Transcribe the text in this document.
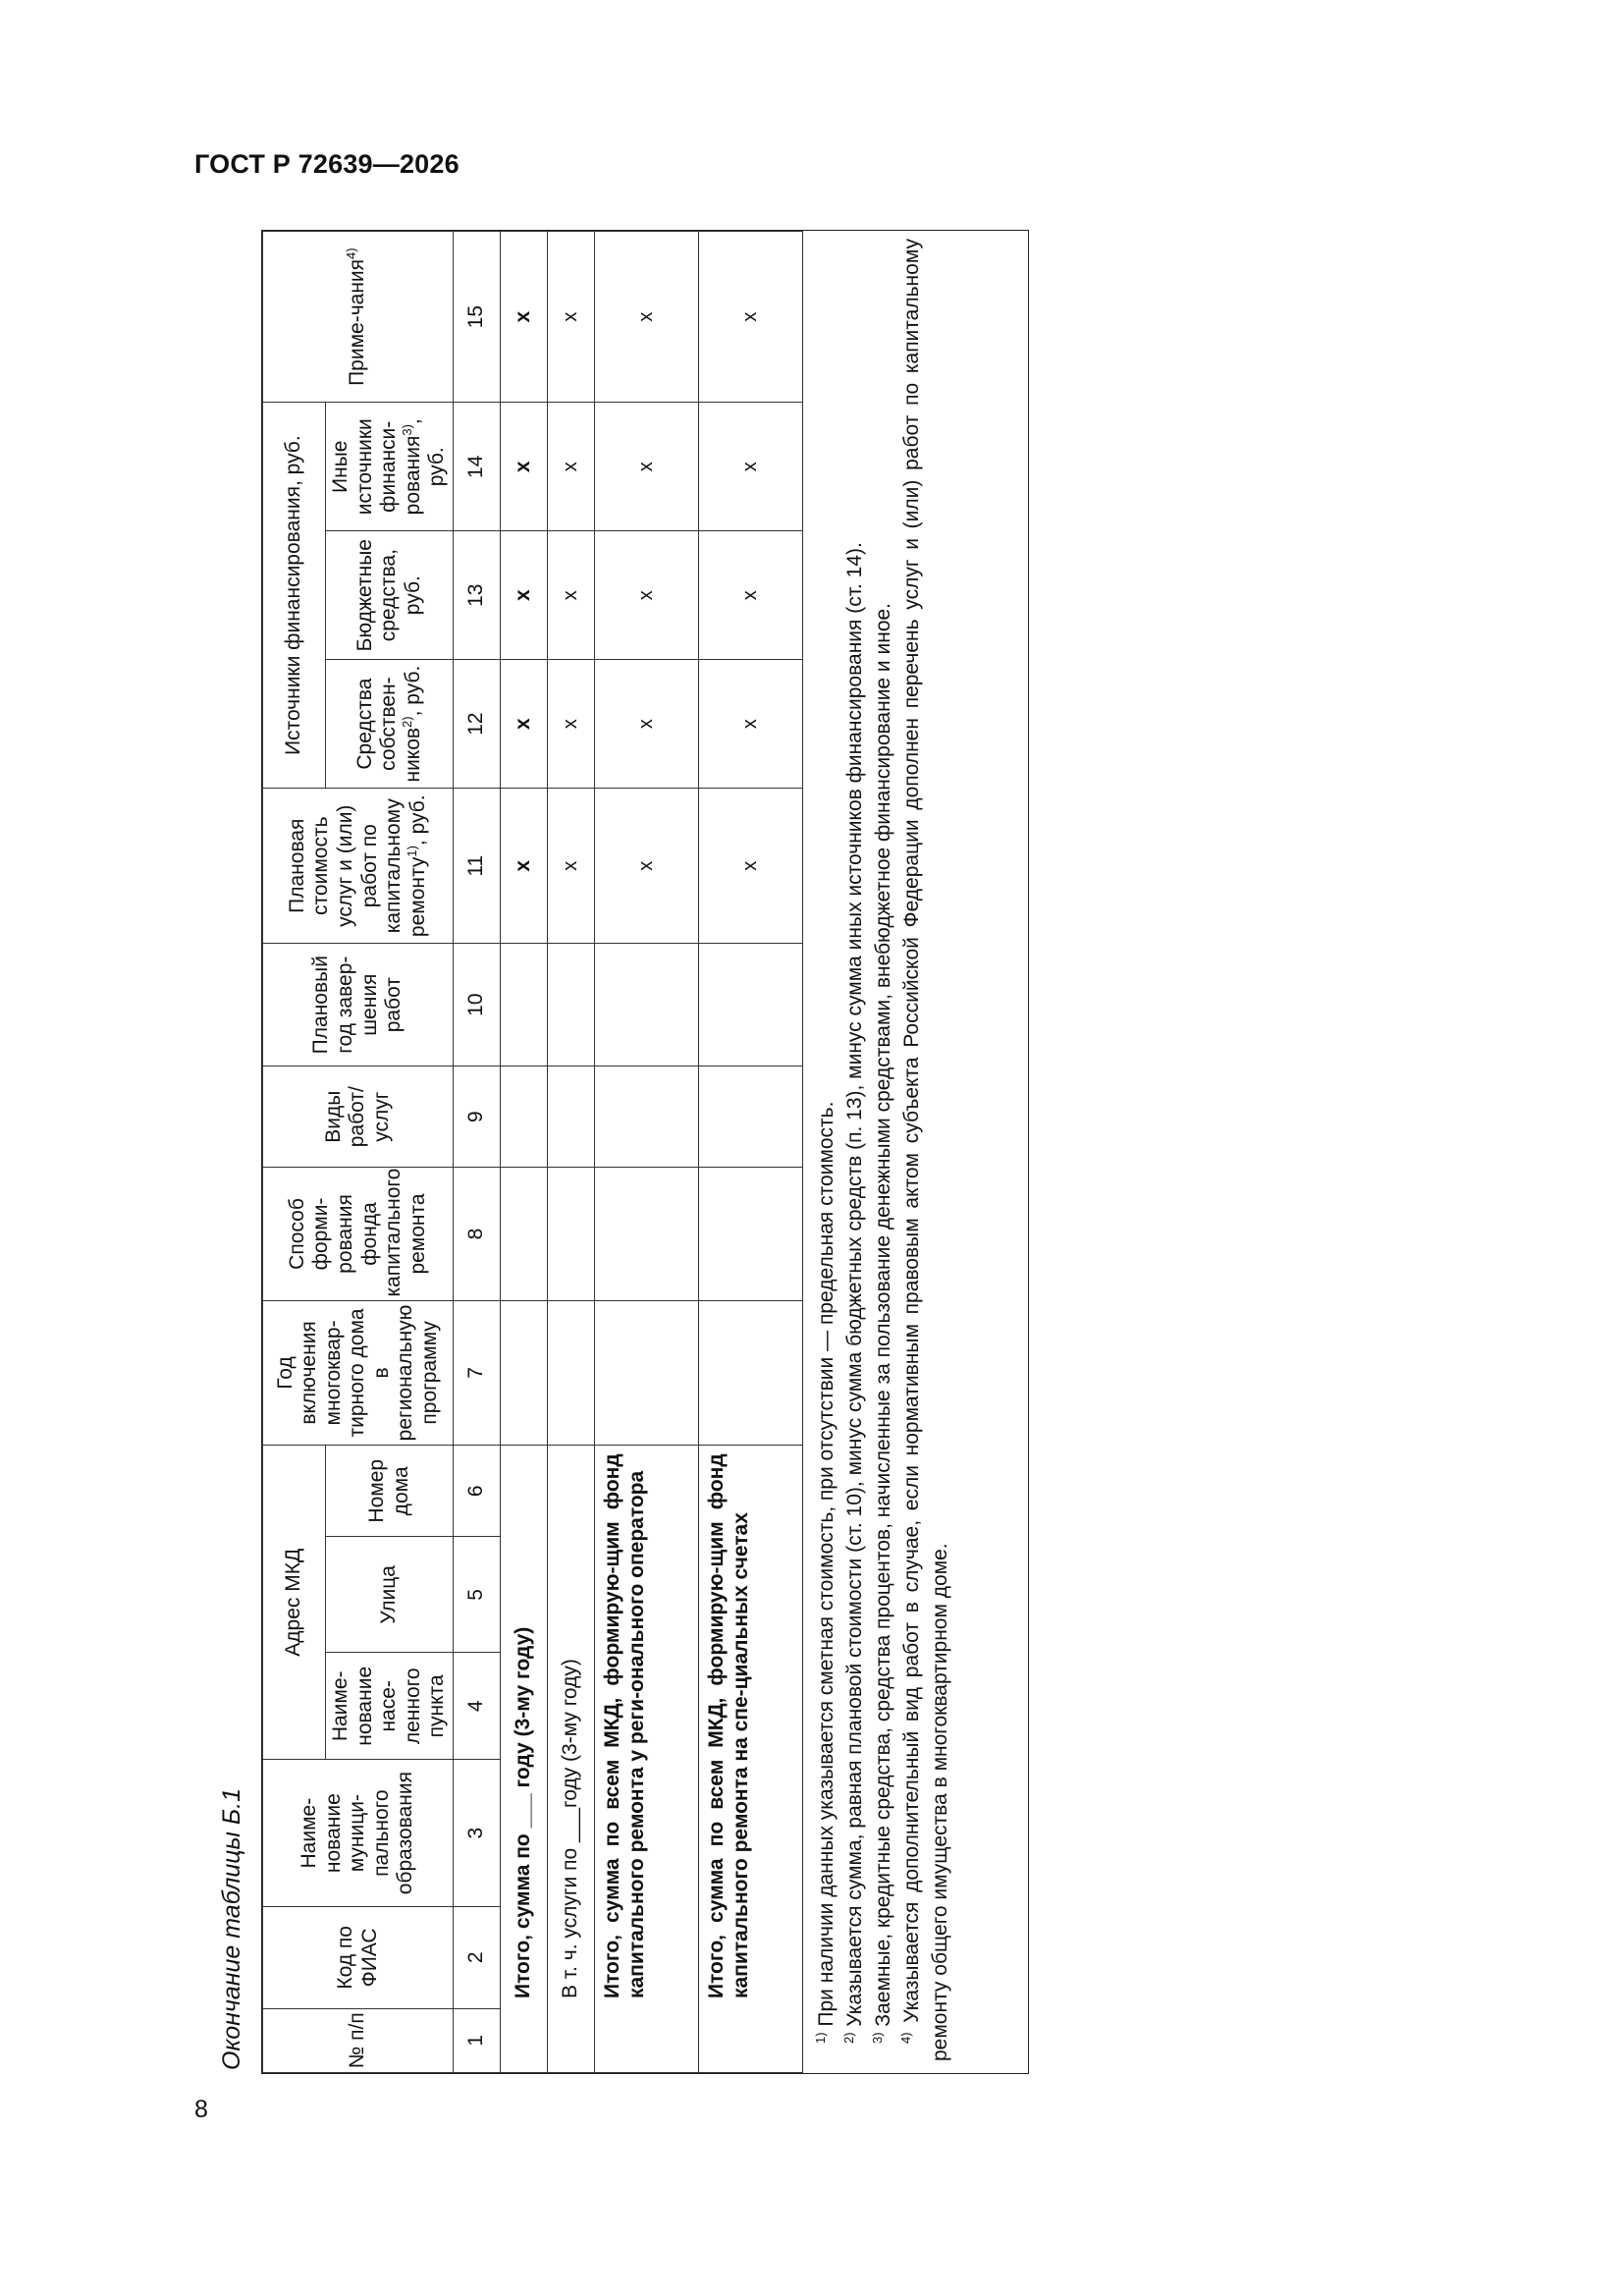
ГОСТ Р 72639—2026
8
Окончание таблицы Б.1	№ п/п	Код по ФИАС	Наиме-нование муници-пального образования	Адрес МКД			Год включения многоквар-тирного дома в региональную программу	Способ форми-рования фонда капитального ремонта	Виды работ/ услуг	Плановый год завер-шения работ	Плановая стоимость услуг и (или) работ по капитальному ремонту$^{1)}$, руб.	Источники финансирования, руб.			Приме-чания$^{4)}$
			Наиме-нование насе-ленного пункта	Улица	Номер дома						Средства собствен-ников$^{2)}$, руб.	Бюджетные средства, руб.	Иные источники финанси-рования$^{3)}$, руб.	
1	2	3	4	5	6	7	8	9	10	11	12	13	14	15
	Итого, сумма по ___ году (3-му году)									x	x	x	x	x
	В т. ч. услуги по ___году (3-му году)									x	x	x	x	x
	Итого, сумма по всем МКД, формирую-щим фонд капитального ремонта у реги-онального оператора									x	x	x	x	x
	Итого, сумма по всем МКД, формирую-щим фонд капитального ремонта на спе-циальных счетах									x	x	x	x	x

$^{1)}$ При наличии данных указывается сметная стоимость, при отсутствии — предельная стоимость.

$^{2)}$ Указывается сумма, равная плановой стоимости (ст. 10), минус сумма бюджетных средств (п. 13), минус сумма иных источников финансирования (ст. 14).

$^{3)}$ Заемные, кредитные средства, средства процентов, начисленные за пользование денежными средствами, внебюджетное финансирование и иное.

$^{4)}$ Указывается дополнительный вид работ в случае, если нормативным правовым актом субъекта Российской Федерации дополнен перечень услуг и (или) работ по капитальному ремонту общего имущества в многоквартирном доме.
